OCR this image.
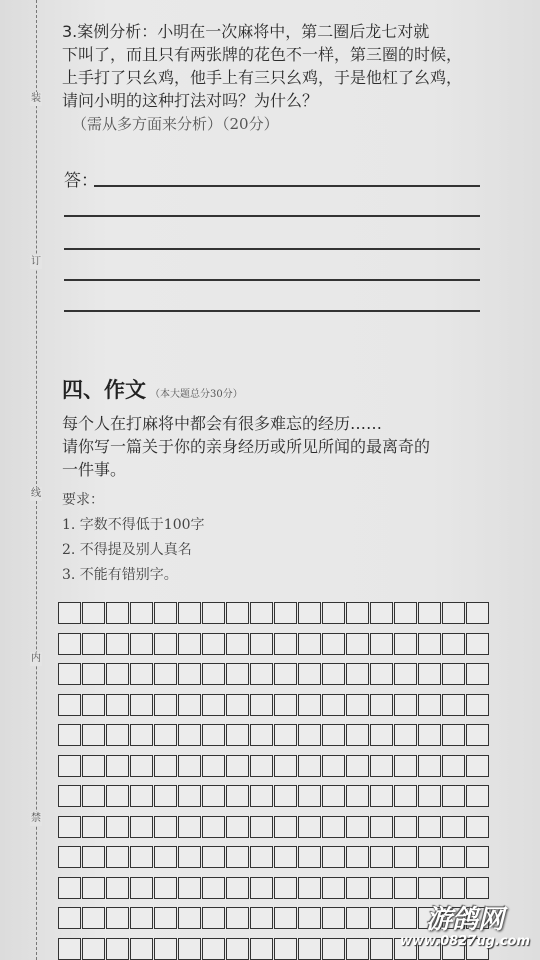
装
订
线
内
禁
3.案例分析：小明在一次麻将中，第二圈后龙七对就
下叫了，而且只有两张牌的花色不一样，第三圈的时候，
上手打了只幺鸡，他手上有三只幺鸡，于是他杠了幺鸡，
请问小明的这种打法对吗？为什么？
（需从多方面来分析）（20分）
答：
四、作文 （本大题总分30分）
每个人在打麻将中都会有很多难忘的经历……
请你写一篇关于你的亲身经历或所见所闻的最离奇的
一件事。
要求：
1. 字数不得低于100字
2. 不得提及别人真名
3. 不能有错别字。
游鸽网
www.0827ug.com
